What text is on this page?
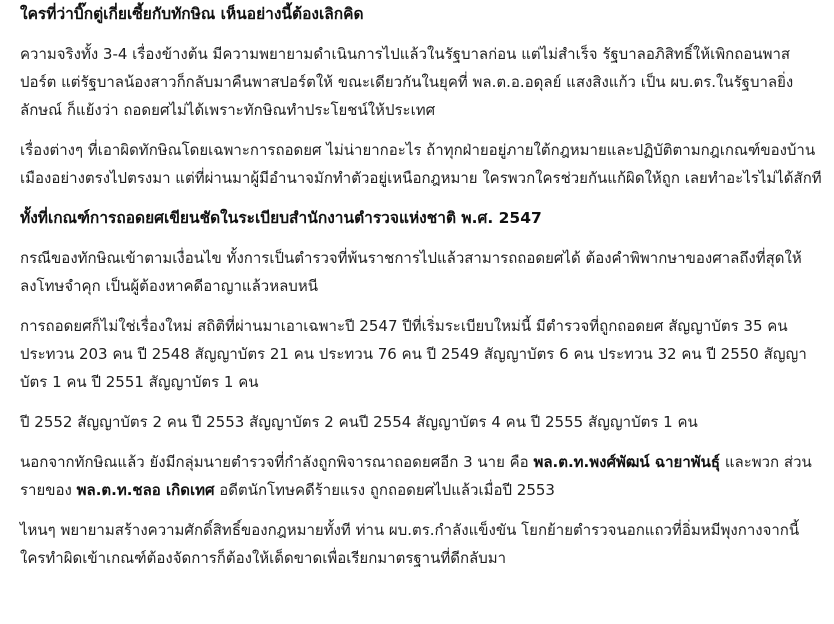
ใครที่ว่าบิ๊กตู่เกี่ยเซี้ยกับทักษิณ เห็นอย่างนี้ต้องเลิกคิด

ความจริงทั้ง 3-4 เรื่องข้างต้น มีความพยายามดำเนินการไปแล้วในรัฐบาลก่อน แต่ไม่สำเร็จ รัฐบาลอภิสิทธิ์ให้เพิกถอนพาสปอร์ต แต่รัฐบาลน้องสาวก็กลับมาคืนพาสปอร์ตให้ ขณะเดียวกันในยุคที่ พล.ต.อ.อดุลย์ แสงสิงแก้ว เป็น ผบ.ตร.ในรัฐบาลยิ่งลักษณ์ ก็แย้งว่า ถอดยศไม่ได้เพราะทักษิณทำประโยชน์ให้ประเทศ

เรื่องต่างๆ ที่เอาผิดทักษิณโดยเฉพาะการถอดยศ ไม่น่ายากอะไร ถ้าทุกฝ่ายอยู่ภายใต้กฎหมายและปฏิบัติตามกฎเกณฑ์ของบ้านเมืองอย่างตรงไปตรงมา แต่ที่ผ่านมาผู้มีอำนาจมักทำตัวอยู่เหนือกฎหมาย ใครพวกใครช่วยกันแก้ผิดให้ถูก เลยทำอะไรไม่ได้สักที

ทั้งที่เกณฑ์การถอดยศเขียนชัดในระเบียบสำนักงานตำรวจแห่งชาติ พ.ศ. 2547

กรณีของทักษิณเข้าตามเงื่อนไข ทั้งการเป็นตำรวจที่พ้นราชการไปแล้วสามารถถอดยศได้ ต้องคำพิพากษาของศาลถึงที่สุดให้ลงโทษจำคุก เป็นผู้ต้องหาคดีอาญาแล้วหลบหนี

การถอดยศก็ไม่ใช่เรื่องใหม่ สถิติที่ผ่านมาเอาเฉพาะปี 2547 ปีที่เริ่มระเบียบใหม่นี้ มีตำรวจที่ถูกถอดยศ สัญญาบัตร 35 คน ประทวน 203 คน ปี 2548 สัญญาบัตร 21 คน ประทวน 76 คน ปี 2549 สัญญาบัตร 6 คน ประทวน 32 คน ปี 2550 สัญญาบัตร 1 คน ปี 2551 สัญญาบัตร 1 คน

ปี 2552 สัญญาบัตร 2 คน ปี 2553 สัญญาบัตร 2 คนปี 2554 สัญญาบัตร 4 คน ปี 2555 สัญญาบัตร 1 คน

นอกจากทักษิณแล้ว ยังมีกลุ่มนายตำรวจที่กำลังถูกพิจารณาถอดยศอีก 3 นาย คือ พล.ต.ท.พงศ์พัฒน์ ฉายาพันธุ์ และพวก ส่วนรายของ พล.ต.ท.ชลอ เกิดเทศ อดีตนักโทษคดีร้ายแรง ถูกถอดยศไปแล้วเมื่อปี 2553

ไหนๆ พยายามสร้างความศักดิ์สิทธิ์ของกฎหมายทั้งที ท่าน ผบ.ตร.กำลังแข็งขัน โยกย้ายตำรวจนอกแถวที่อิ่มหมีพุงกางจากนี้ใครทำผิดเข้าเกณฑ์ต้องจัดการก็ต้องให้เด็ดขาดเพื่อเรียกมาตรฐานที่ดีกลับมา
